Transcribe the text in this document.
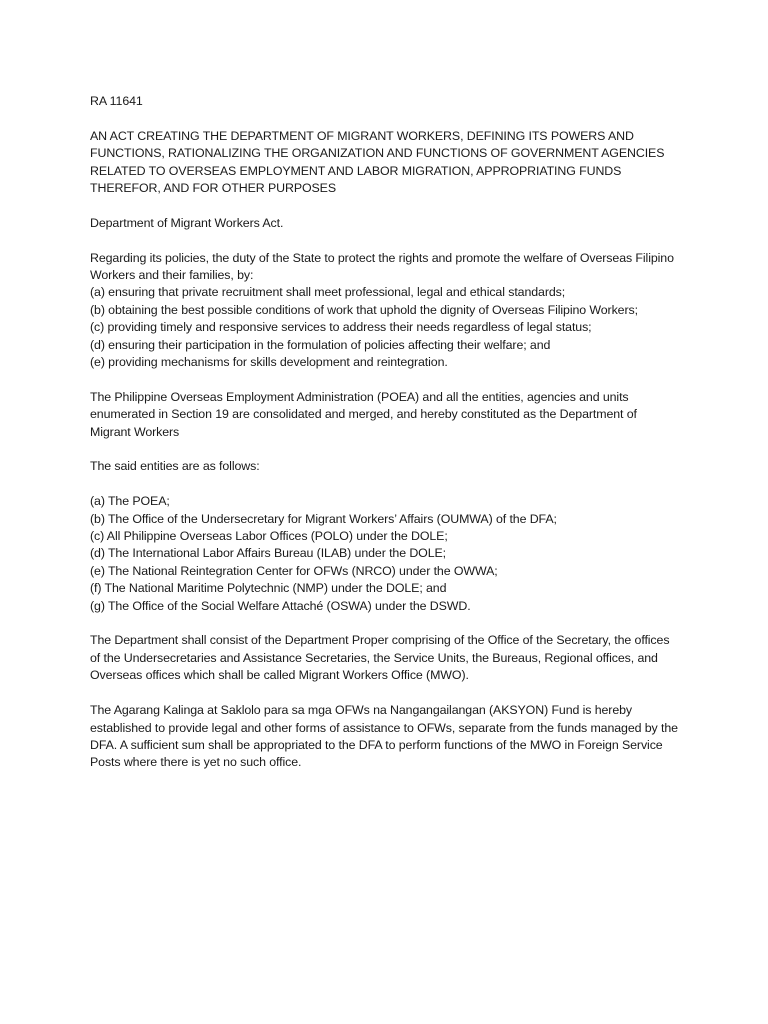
RA 11641

AN ACT CREATING THE DEPARTMENT OF MIGRANT WORKERS, DEFINING ITS POWERS AND FUNCTIONS, RATIONALIZING THE ORGANIZATION AND FUNCTIONS OF GOVERNMENT AGENCIES RELATED TO OVERSEAS EMPLOYMENT AND LABOR MIGRATION, APPROPRIATING FUNDS THEREFOR, AND FOR OTHER PURPOSES

Department of Migrant Workers Act.

Regarding its policies, the duty of the State to protect the rights and promote the welfare of Overseas Filipino Workers and their families, by:
(a) ensuring that private recruitment shall meet professional, legal and ethical standards;
(b) obtaining the best possible conditions of work that uphold the dignity of Overseas Filipino Workers;
(c) providing timely and responsive services to address their needs regardless of legal status;
(d) ensuring their participation in the formulation of policies affecting their welfare; and
(e) providing mechanisms for skills development and reintegration.

The Philippine Overseas Employment Administration (POEA) and all the entities, agencies and units enumerated in Section 19 are consolidated and merged, and hereby constituted as the Department of Migrant Workers

The said entities are as follows:

(a) The POEA;
(b) The Office of the Undersecretary for Migrant Workers’ Affairs (OUMWA) of the DFA;
(c) All Philippine Overseas Labor Offices (POLO) under the DOLE;
(d) The International Labor Affairs Bureau (ILAB) under the DOLE;
(e) The National Reintegration Center for OFWs (NRCO) under the OWWA;
(f) The National Maritime Polytechnic (NMP) under the DOLE; and
(g) The Office of the Social Welfare Attaché (OSWA) under the DSWD.

The Department shall consist of the Department Proper comprising of the Office of the Secretary, the offices of the Undersecretaries and Assistance Secretaries, the Service Units, the Bureaus, Regional offices, and Overseas offices which shall be called Migrant Workers Office (MWO).

The Agarang Kalinga at Saklolo para sa mga OFWs na Nangangailangan (AKSYON) Fund is hereby established to provide legal and other forms of assistance to OFWs, separate from the funds managed by the DFA. A sufficient sum shall be appropriated to the DFA to perform functions of the MWO in Foreign Service Posts where there is yet no such office.
